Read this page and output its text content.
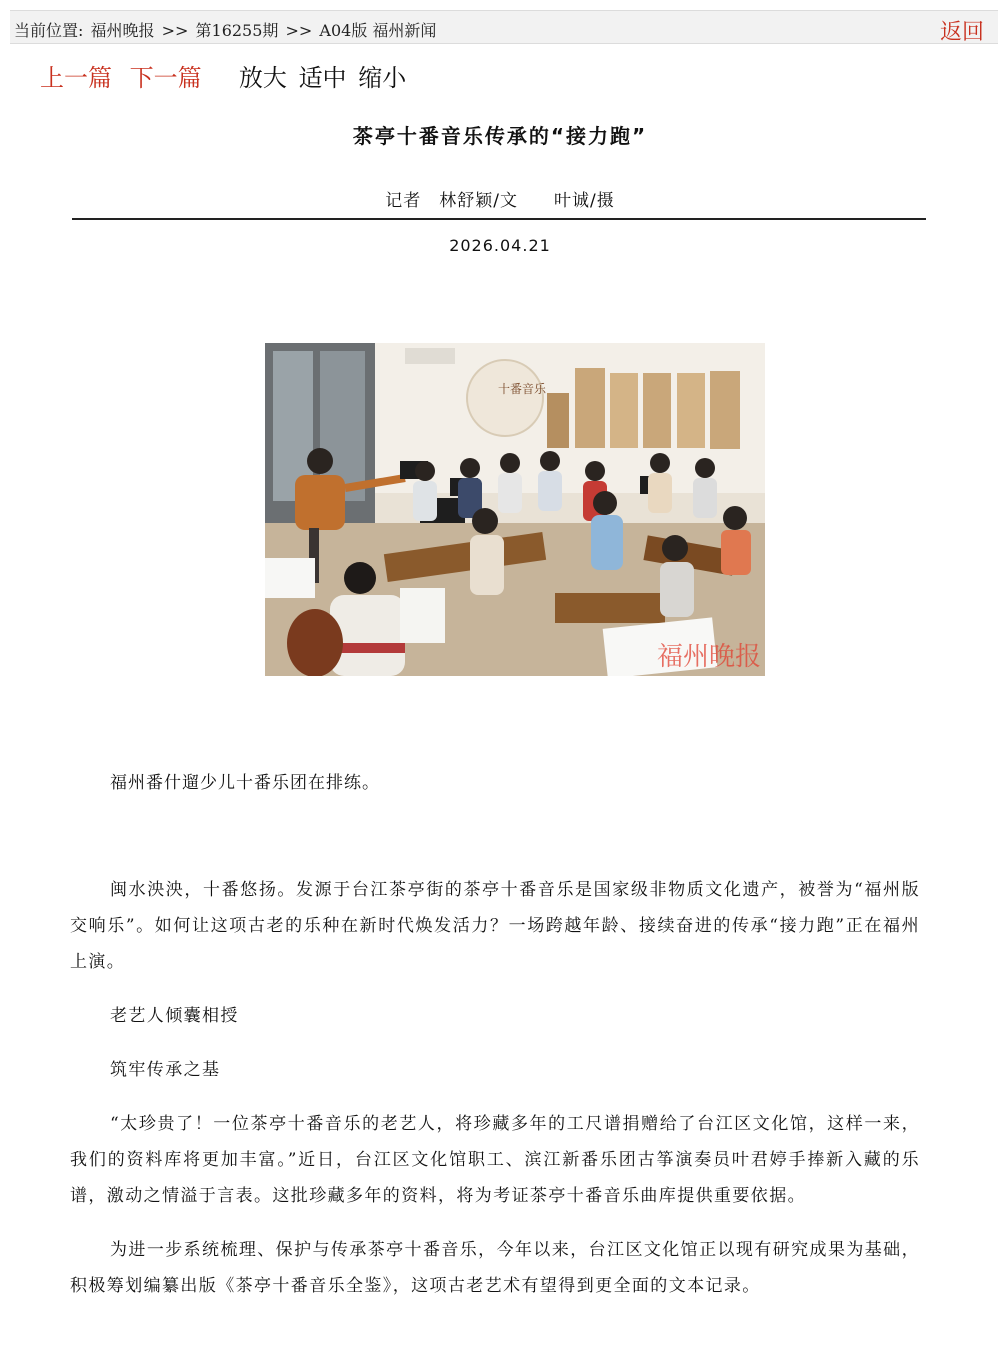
当前位置: 福州晚报 >> 第16255期 >> A04版 福州新闻	返回
上一篇 下一篇 放大 适中 缩小
茶亭十番音乐传承的“接力跑”
记者　林舒颖/文　　叶诚/摄
2026.04.21
十番音乐
福州晚报
福州番什遛少儿十番乐团在排练。

闽水泱泱，十番悠扬。发源于台江茶亭街的茶亭十番音乐是国家级非物质文化遗产，被誉为“福州版交响乐”。如何让这项古老的乐种在新时代焕发活力？一场跨越年龄、接续奋进的传承“接力跑”正在福州上演。

老艺人倾囊相授

筑牢传承之基

“太珍贵了！一位茶亭十番音乐的老艺人，将珍藏多年的工尺谱捐赠给了台江区文化馆，这样一来，我们的资料库将更加丰富。”近日，台江区文化馆职工、滨江新番乐团古筝演奏员叶君婷手捧新入藏的乐谱，激动之情溢于言表。这批珍藏多年的资料，将为考证茶亭十番音乐曲库提供重要依据。

为进一步系统梳理、保护与传承茶亭十番音乐，今年以来，台江区文化馆正以现有研究成果为基础，积极筹划编纂出版《茶亭十番音乐全鉴》，这项古老艺术有望得到更全面的文本记录。
